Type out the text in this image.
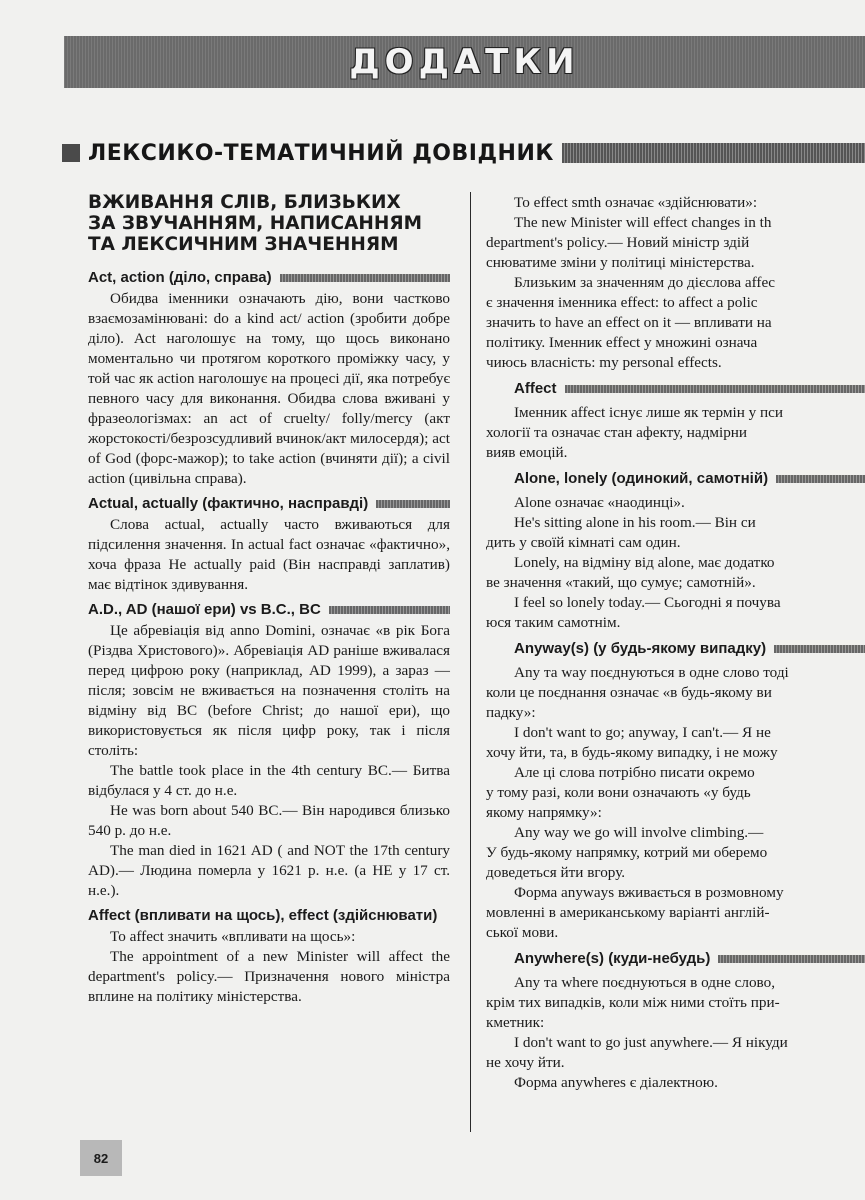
ДОДАТКИ
ЛЕКСИКО-ТЕМАТИЧНИЙ ДОВІДНИК
ВЖИВАННЯ СЛІВ, БЛИЗЬКИХ
ЗА ЗВУЧАННЯМ, НАПИСАННЯМ
ТА ЛЕКСИЧНИМ ЗНАЧЕННЯМ
Act, action (діло, справа)

Обидва іменники означають дію, вони частково взаємозамінювані: do a kind act/ action (зробити добре діло). Act наголошує на тому, що щось виконано моментально чи протягом короткого проміжку часу, у той час як action наголошує на процесі дії, яка потребує певного часу для виконання. Обидва слова вживані у фразеологізмах: an act of cruelty/ folly/mercy (акт жорстокості/безрозсудливий вчинок/акт милосердя); act of God (форс-мажор); to take action (вчиняти дії); a civil action (цивільна справа).

Actual, actually (фактично, насправді)

Слова actual, actually часто вживаються для підсилення значення. In actual fact означає «фактично», хоча фраза He actually paid (Він насправді заплатив) має відтінок здивування.

A.D., AD (нашої ери) vs B.C., BC

Це абревіація від anno Domini, означає «в рік Бога (Різдва Христового)». Абревіація AD раніше вживалася перед цифрою року (наприклад, AD 1999), а зараз — після; зовсім не вживається на позначення століть на відміну від BC (before Christ; до нашої ери), що використовується як після цифр року, так і після століть:

The battle took place in the 4th century BC.— Битва відбулася у 4 ст. до н.е.

He was born about 540 BC.— Він народився близько 540 р. до н.е.

The man died in 1621 AD ( and NOT the 17th century AD).— Людина померла у 1621 р. н.е. (а НЕ у 17 ст. н.е.).

Affect (впливати на щось), effect (здійснювати)

To affect значить «впливати на щось»:

The appointment of a new Minister will affect the department's policy.— Призначення нового міністра вплине на політику міністерства.

To effect smth означає «здійснювати»:

The new Minister will effect changes in th

department's policy.— Новий міністр здій

снюватиме зміни у політиці міністерства.

Близьким за значенням до дієслова affec

є значення іменника effect: to affect a polic

значить to have an effect on it — впливати на

політику. Іменник effect у множині означа

чиюсь власність: my personal effects.

Affect

Іменник affect існує лише як термін у пси

хології та означає стан афекту, надмірни

вияв емоцій.

Alone, lonely (одинокий, самотній)

Alone означає «наодинці».

He's sitting alone in his room.— Він си

дить у своїй кімнаті сам один.

Lonely, на відміну від alone, має додатко

ве значення «такий, що сумує; самотній».

I feel so lonely today.— Сьогодні я почува

юся таким самотнім.

Anyway(s) (у будь-якому випадку)

Any та way поєднуються в одне слово тоді

коли це поєднання означає «в будь-якому ви

падку»:

I don't want to go; anyway, I can't.— Я не

хочу йти, та, в будь-якому випадку, і не можу

Але ці слова потрібно писати окремо

у тому разі, коли вони означають «у будь

якому напрямку»:

Any way we go will involve climbing.—

У будь-якому напрямку, котрий ми оберемо

доведеться йти вгору.

Форма anyways вживається в розмовному

мовленні в американському варіанті англій-

ської мови.

Anywhere(s) (куди-небудь)

Any та where поєднуються в одне слово,

крім тих випадків, коли між ними стоїть при-

кметник:

I don't want to go just anywhere.— Я нікуди

не хочу йти.

Форма anywheres є діалектною.

82
